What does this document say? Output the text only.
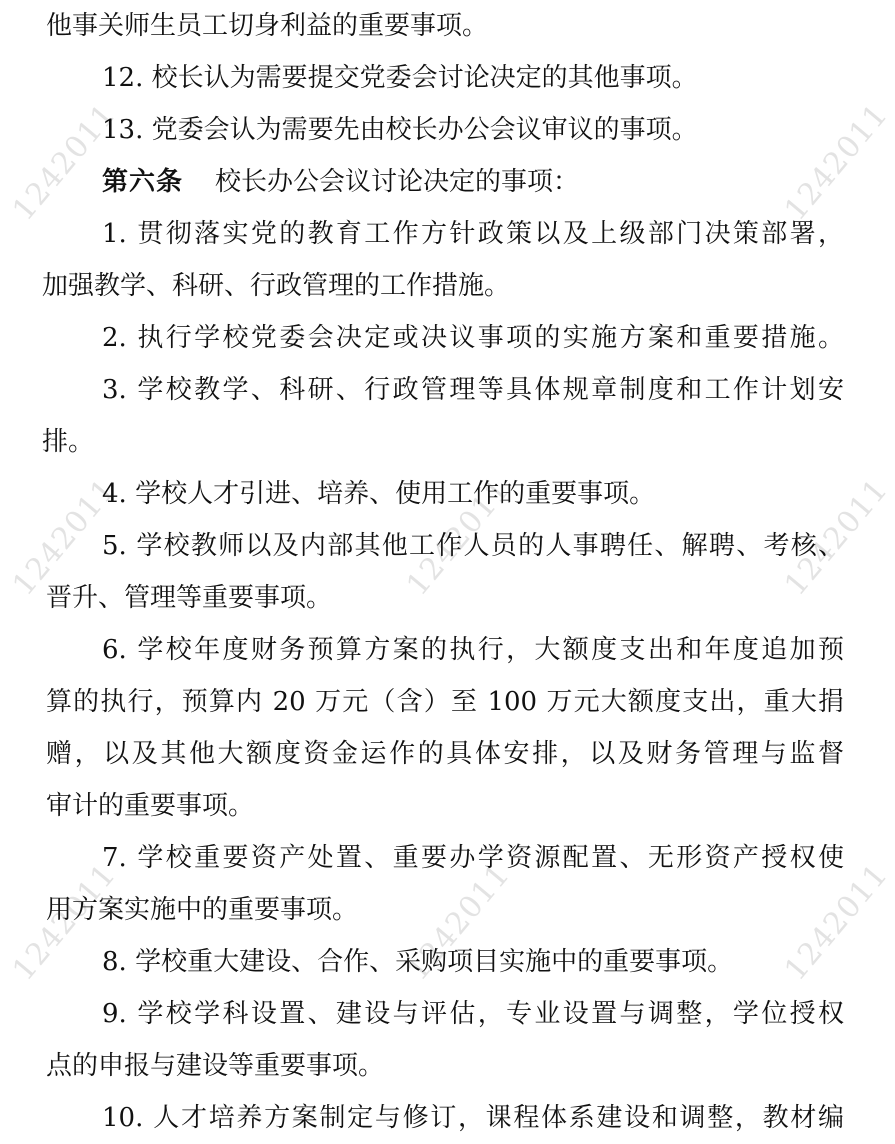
1242011	1242011
1242011	1242011	1242011
1242011	1242011	1242011
他事关师生员工切身利益的重要事项。
12. 校长认为需要提交党委会讨论决定的其他事项。
13. 党委会认为需要先由校长办公会议审议的事项。
第六条 校长办公会议讨论决定的事项：
1. 贯彻落实党的教育工作方针政策以及上级部门决策部署，
加强教学、科研、行政管理的工作措施。
2. 执行学校党委会决定或决议事项的实施方案和重要措施。
3. 学校教学、科研、行政管理等具体规章制度和工作计划安
排。
4. 学校人才引进、培养、使用工作的重要事项。
5. 学校教师以及内部其他工作人员的人事聘任、解聘、考核、
晋升、管理等重要事项。
6. 学校年度财务预算方案的执行，大额度支出和年度追加预
算的执行，预算内 20 万元（含）至 100 万元大额度支出，重大捐
赠，以及其他大额度资金运作的具体安排，以及财务管理与监督
审计的重要事项。
7. 学校重要资产处置、重要办学资源配置、无形资产授权使
用方案实施中的重要事项。
8. 学校重大建设、合作、采购项目实施中的重要事项。
9. 学校学科设置、建设与评估，专业设置与调整，学位授权
点的申报与建设等重要事项。
10. 人才培养方案制定与修订，课程体系建设和调整，教材编
